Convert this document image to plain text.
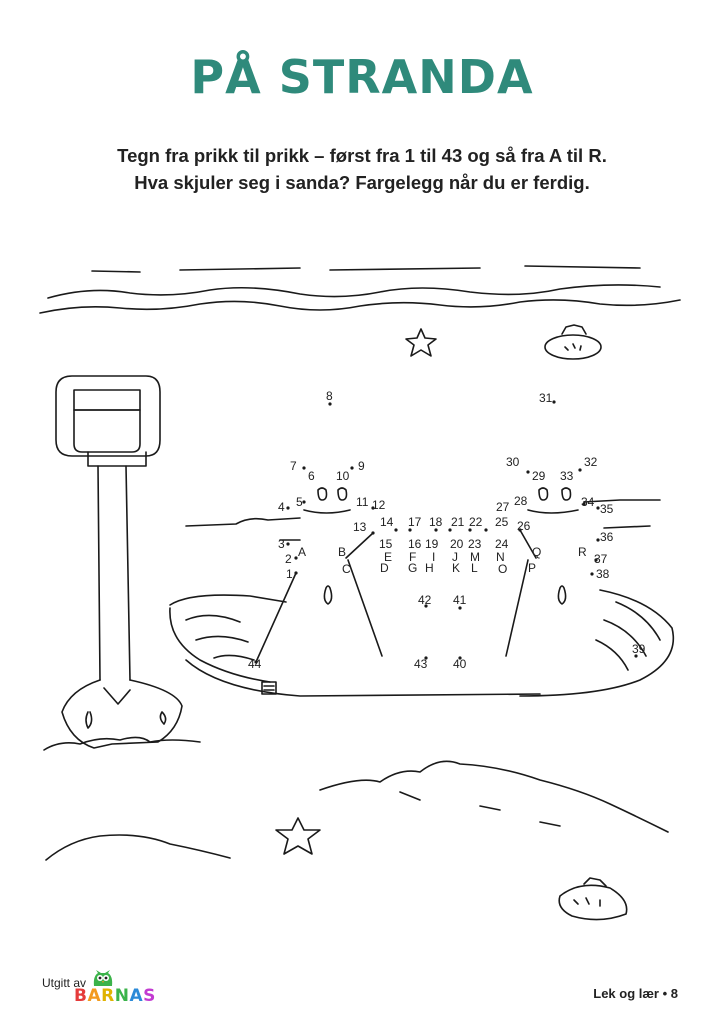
PÅ STRANDA
Tegn fra prikk til prikk – først fra 1 til 43 og så fra A til R.
Hva skjuler seg i sanda? Fargelegg når du er ferdig.
1
2
3
4 5
6
7
8
10
9
11 12
13 14
15 16
17 18
19 20
21 22
23 24
25 26
27 28
29
30
31
33
32
34 35
36
37
38
39
40
41
42
43
44
A	B
C D
E F
G H
I J
K L
M N
O P
Q	R
Utgitt av
BARNAS	Lek og lær • 8
